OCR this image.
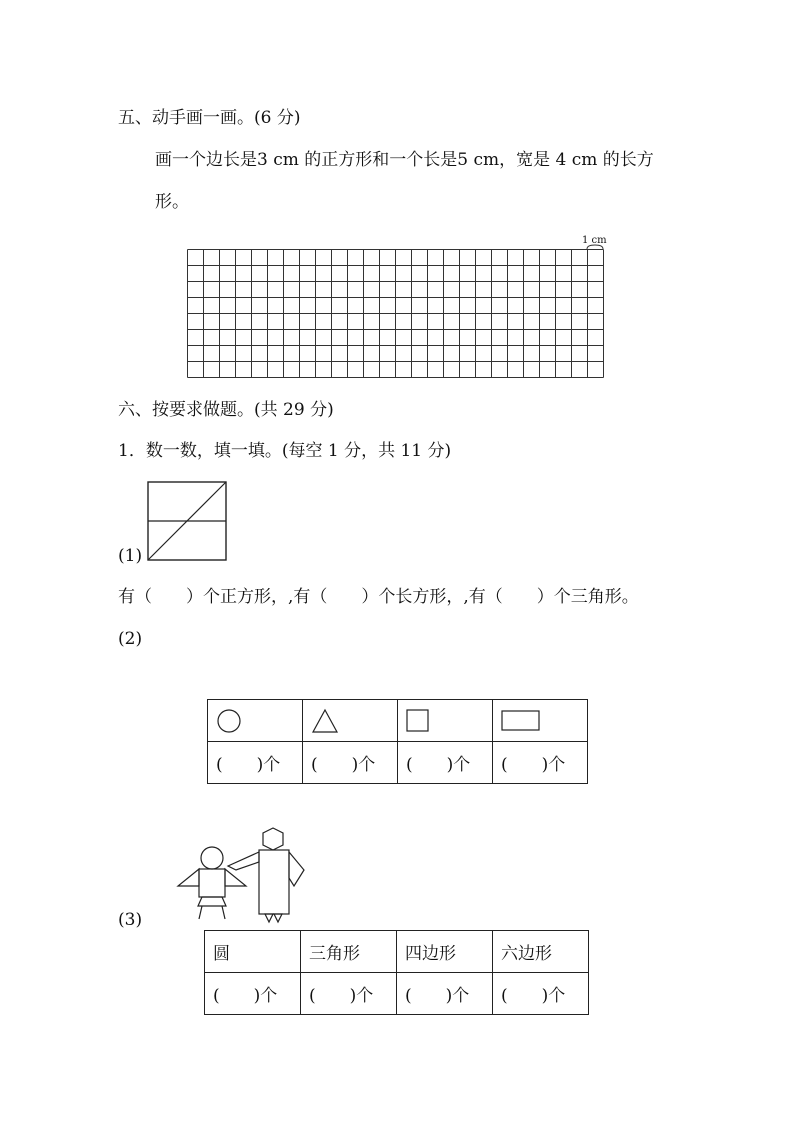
五、动手画一画。(6 分)
画一个边长是3 cm 的正方形和一个长是5 cm，宽是 4 cm 的长方
形。
1 cm
六、按要求做题。(共 29 分)
1．数一数，填一填。(每空 1 分，共 11 分)
(1)
有（　　）个正方形，,有（　　）个长方形，,有（　　）个三角形。
(2)

(　　)个	(　　)个	(　　)个	(　　)个
(3)
圆	三角形	四边形	六边形
(　　)个	(　　)个	(　　)个	(　　)个
